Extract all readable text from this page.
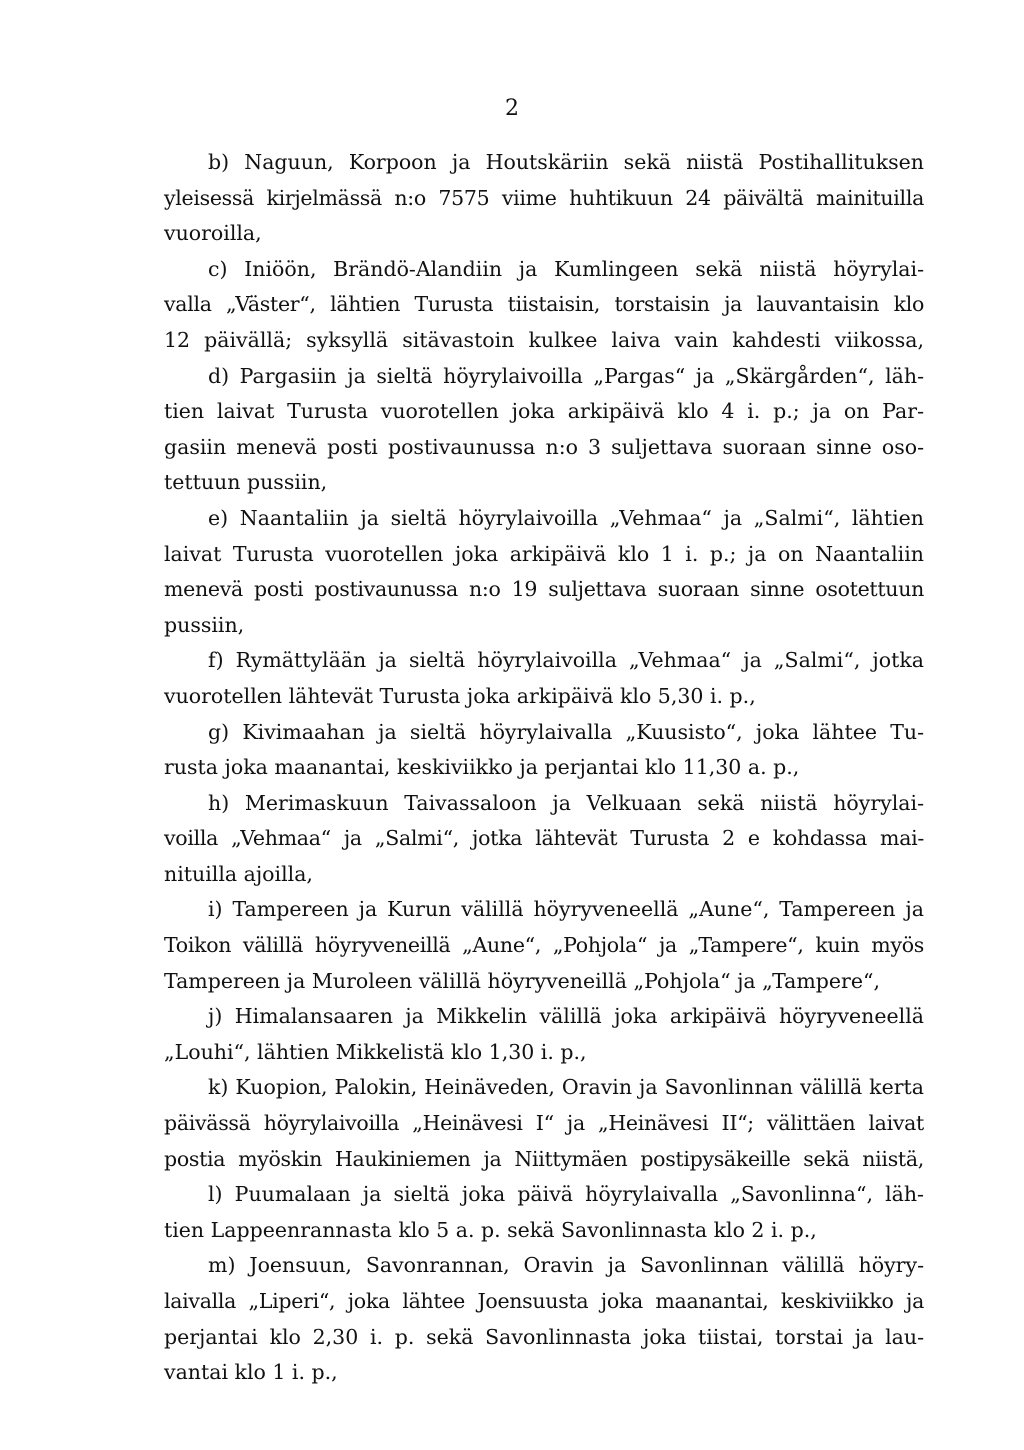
2
b) Naguun, Korpoon ja Houtskäriin sekä niistä Postihallituksen
yleisessä kirjelmässä n:o 7575 viime huhtikuun 24 päivältä mainituilla
vuoroilla,
c) Iniöön, Brändö-Alandiin ja Kumlingeen sekä niistä höyrylai-
valla „Väster“, lähtien Turusta tiistaisin, torstaisin ja lauvantaisin klo
12 päivällä; syksyllä sitävastoin kulkee laiva vain kahdesti viikossa,
d) Pargasiin ja sieltä höyrylaivoilla „Pargas“ ja „Skärgården“, läh-
tien laivat Turusta vuorotellen joka arkipäivä klo 4 i. p.; ja on Par-
gasiin menevä posti postivaunussa n:o 3 suljettava suoraan sinne oso-
tettuun pussiin,
e) Naantaliin ja sieltä höyrylaivoilla „Vehmaa“ ja „Salmi“, lähtien
laivat Turusta vuorotellen joka arkipäivä klo 1 i. p.; ja on Naantaliin
menevä posti postivaunussa n:o 19 suljettava suoraan sinne osotettuun
pussiin,
f) Rymättylään ja sieltä höyrylaivoilla „Vehmaa“ ja „Salmi“, jotka
vuorotellen lähtevät Turusta joka arkipäivä klo 5,30 i. p.,
g) Kivimaahan ja sieltä höyrylaivalla „Kuusisto“, joka lähtee Tu-
rusta joka maanantai, keskiviikko ja perjantai klo 11,30 a. p.,
h) Merimaskuun Taivassaloon ja Velkuaan sekä niistä höyrylai-
voilla „Vehmaa“ ja „Salmi“, jotka lähtevät Turusta 2 e kohdassa mai-
nituilla ajoilla,
i) Tampereen ja Kurun välillä höyryveneellä „Aune“, Tampereen ja
Toikon välillä höyryveneillä „Aune“, „Pohjola“ ja „Tampere“, kuin myös
Tampereen ja Muroleen välillä höyryveneillä „Pohjola“ ja „Tampere“,
j) Himalansaaren ja Mikkelin välillä joka arkipäivä höyryveneellä
„Louhi“, lähtien Mikkelistä klo 1,30 i. p.,
k) Kuopion, Palokin, Heinäveden, Oravin ja Savonlinnan välillä kerta
päivässä höyrylaivoilla „Heinävesi I“ ja „Heinävesi II“; välittäen laivat
postia myöskin Haukiniemen ja Niittymäen postipysäkeille sekä niistä,
l) Puumalaan ja sieltä joka päivä höyrylaivalla „Savonlinna“, läh-
tien Lappeenrannasta klo 5 a. p. sekä Savonlinnasta klo 2 i. p.,
m) Joensuun, Savonrannan, Oravin ja Savonlinnan välillä höyry-
laivalla „Liperi“, joka lähtee Joensuusta joka maanantai, keskiviikko ja
perjantai klo 2,30 i. p. sekä Savonlinnasta joka tiistai, torstai ja lau-
vantai klo 1 i. p.,
